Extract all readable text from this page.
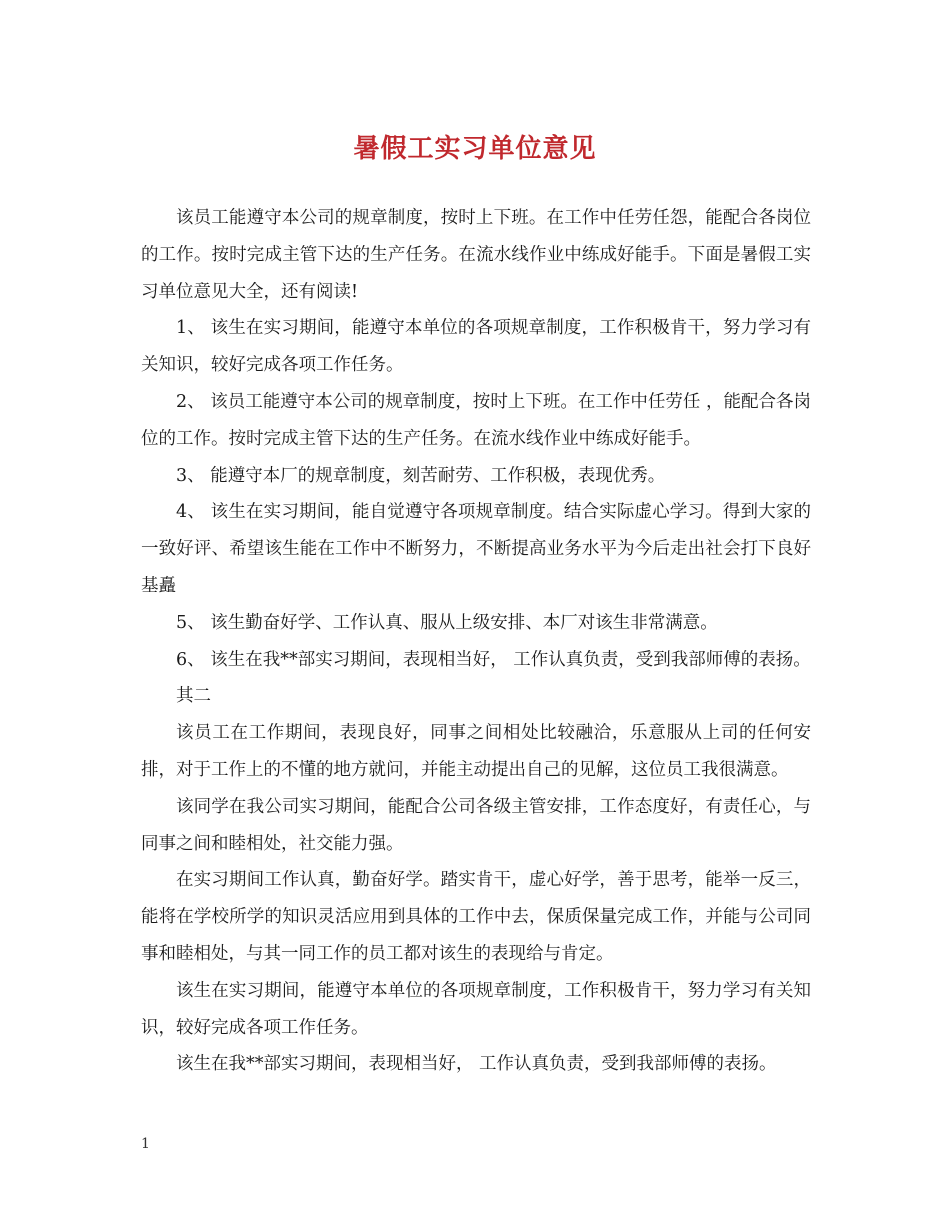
暑假工实习单位意见

该员工能遵守本公司的规章制度，按时上下班。在工作中任劳任怨，能配合各岗位的工作。按时完成主管下达的生产任务。在流水线作业中练成好能手。下面是暑假工实习单位意见大全，还有阅读!

1、 该生在实习期间，能遵守本单位的各项规章制度，工作积极肯干，努力学习有关知识，较好完成各项工作任务。

2、 该员工能遵守本公司的规章制度，按时上下班。在工作中任劳任 ，能配合各岗位的工作。按时完成主管下达的生产任务。在流水线作业中练成好能手。

3、 能遵守本厂的规章制度，刻苦耐劳、工作积极，表现优秀。

4、 该生在实习期间，能自觉遵守各项规章制度。结合实际虚心学习。得到大家的一致好评、希望该生能在工作中不断努力，不断提高业务水平为今后走出社会打下良好基矗

5、 该生勤奋好学、工作认真、服从上级安排、本厂对该生非常满意。

6、 该生在我**部实习期间，表现相当好， 工作认真负责，受到我部师傅的表扬。

其二

该员工在工作期间，表现良好，同事之间相处比较融洽，乐意服从上司的任何安排，对于工作上的不懂的地方就问，并能主动提出自己的见解，这位员工我很满意。

该同学在我公司实习期间，能配合公司各级主管安排，工作态度好，有责任心，与同事之间和睦相处，社交能力强。

在实习期间工作认真，勤奋好学。踏实肯干，虚心好学，善于思考，能举一反三，能将在学校所学的知识灵活应用到具体的工作中去，保质保量完成工作，并能与公司同事和睦相处，与其一同工作的员工都对该生的表现给与肯定。

该生在实习期间，能遵守本单位的各项规章制度，工作积极肯干，努力学习有关知识，较好完成各项工作任务。

该生在我**部实习期间，表现相当好， 工作认真负责，受到我部师傅的表扬。

1
